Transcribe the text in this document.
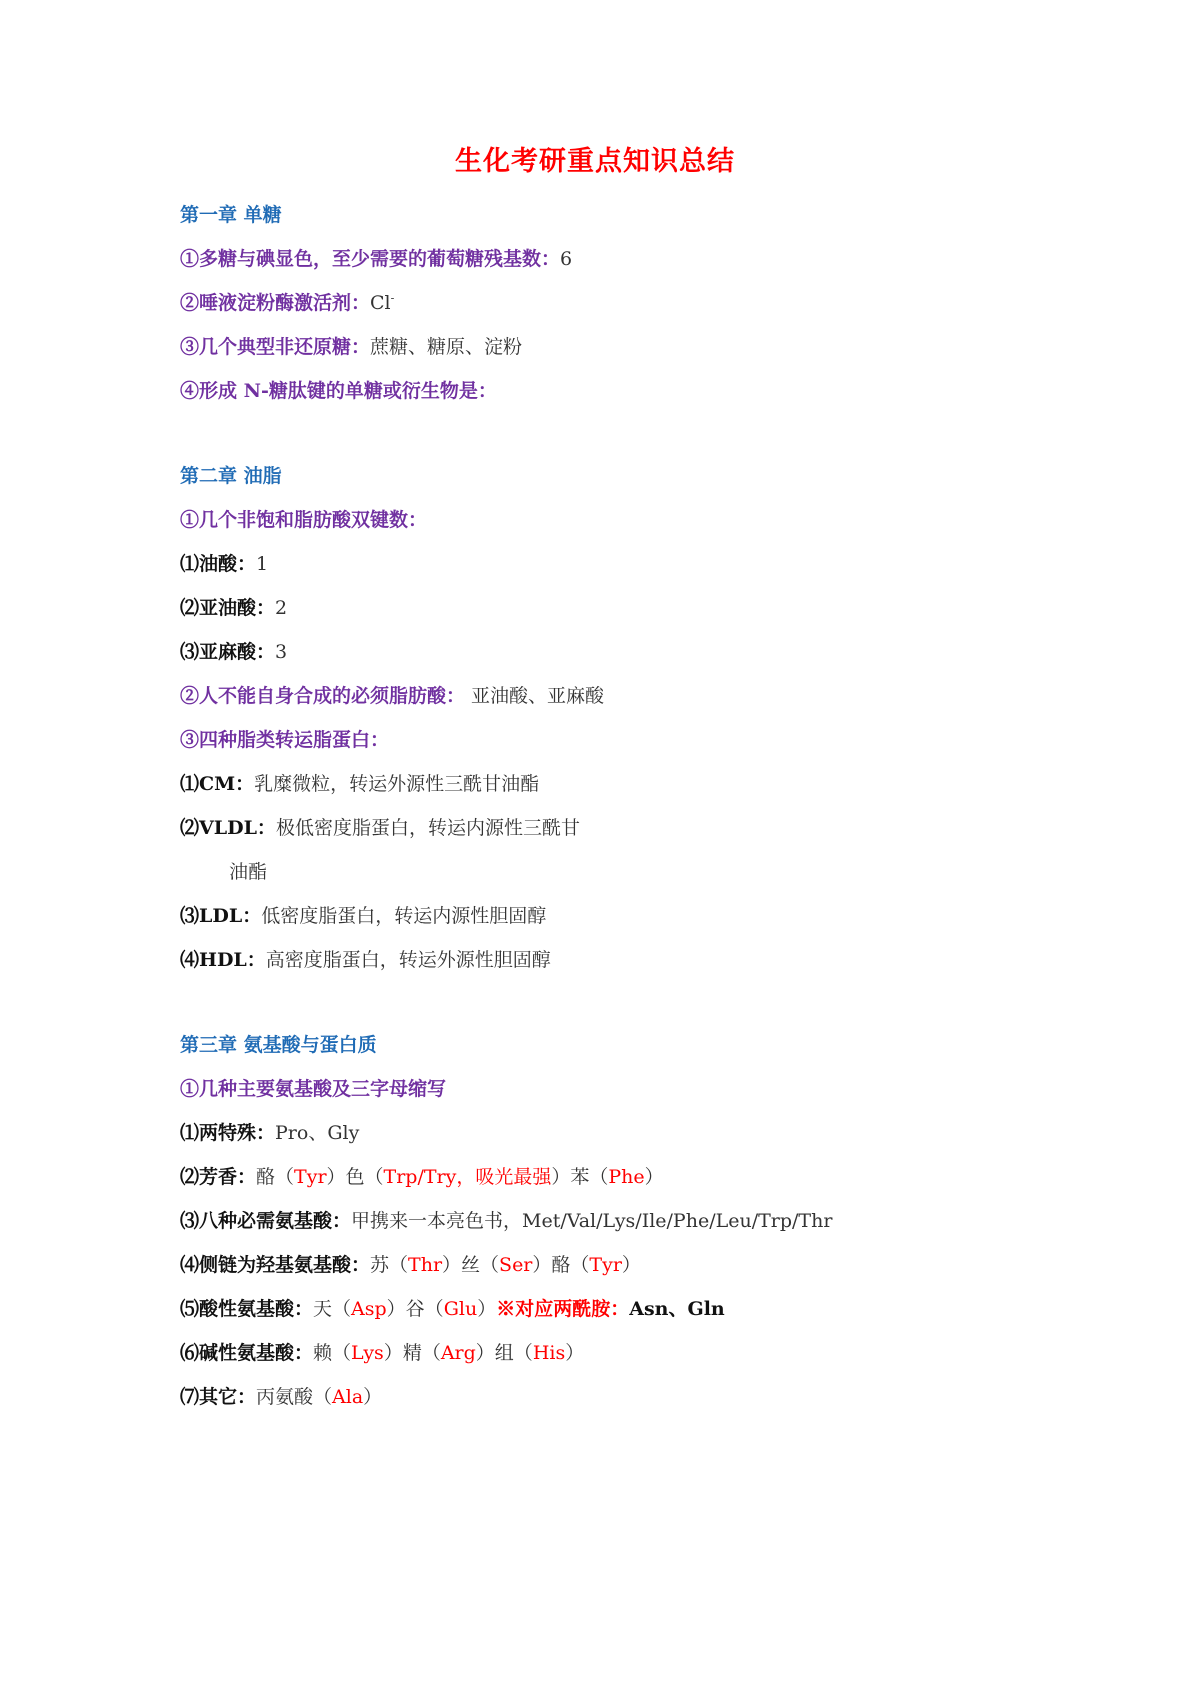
生化考研重点知识总结
第一章 单糖
①多糖与碘显色，至少需要的葡萄糖残基数：6
②唾液淀粉酶激活剂：Cl-
③几个典型非还原糖：蔗糖、糖原、淀粉
④形成 N-糖肽键的单糖或衍生物是：
第二章 油脂
①几个非饱和脂肪酸双键数：
⑴油酸：1
⑵亚油酸：2
⑶亚麻酸：3
②人不能自身合成的必须脂肪酸： 亚油酸、亚麻酸
③四种脂类转运脂蛋白：
⑴CM：乳糜微粒，转运外源性三酰甘油酯
⑵VLDL：极低密度脂蛋白，转运内源性三酰甘
油酯
⑶LDL：低密度脂蛋白，转运内源性胆固醇
⑷HDL：高密度脂蛋白，转运外源性胆固醇
第三章 氨基酸与蛋白质
①几种主要氨基酸及三字母缩写
⑴两特殊：Pro、Gly
⑵芳香：酪（Tyr）色（Trp/Try，吸光最强）苯（Phe）
⑶八种必需氨基酸：甲携来一本亮色书，Met/Val/Lys/Ile/Phe/Leu/Trp/Thr
⑷侧链为羟基氨基酸：苏（Thr）丝（Ser）酪（Tyr）
⑸酸性氨基酸：天（Asp）谷（Glu）※对应两酰胺：Asn、Gln
⑹碱性氨基酸：赖（Lys）精（Arg）组（His）
⑺其它：丙氨酸（Ala）
